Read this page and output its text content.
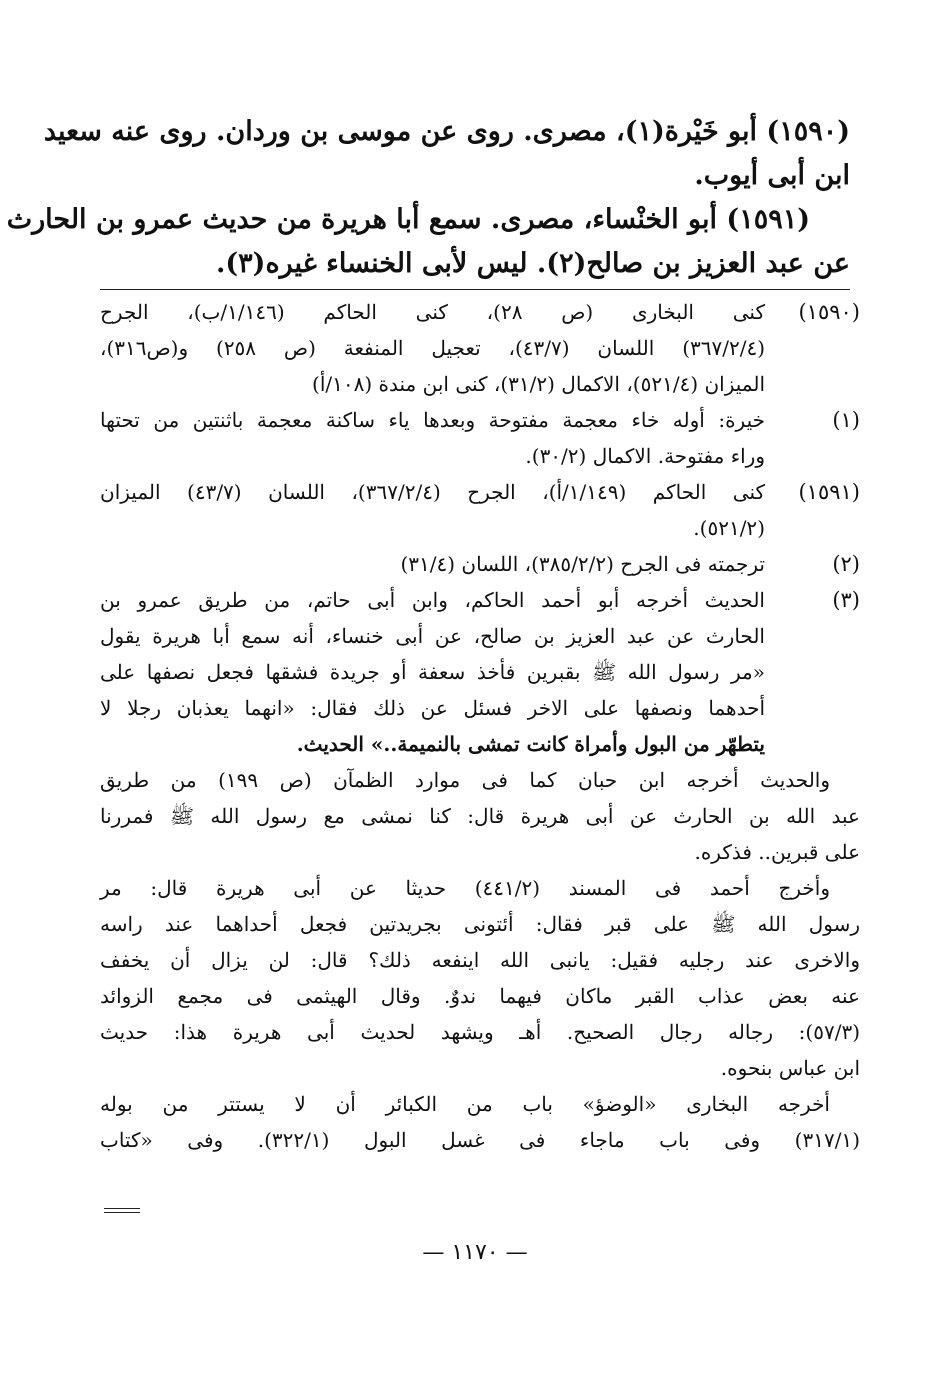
(١٥٩٠) أبو خَيْرة(١)، مصرى. روى عن موسى بن وردان. روى عنه سعيد
ابن أبى أيوب.
(١٥٩١) أبو الخنْساء، مصرى. سمع أبا هريرة من حديث عمرو بن الحارث
عن عبد العزيز بن صالح(٢). ليس لأبى الخنساء غيره(٣).
(١٥٩٠)
كنى البخارى (ص ٢٨)، كنى الحاكم (١/١٤٦/ب)، الجرح
(٣٦٧/٢/٤) اللسان (٤٣/٧)، تعجيل المنفعة (ص ٢٥٨) و(ص٣١٦)،
الميزان (٥٢١/٤)، الاكمال (٣١/٢)، كنى ابن مندة (١٠٨/أ)
(١)
خيرة: أوله خاء معجمة مفتوحة وبعدها ياء ساكنة معجمة باثنتين من تحتها
وراء مفتوحة. الاكمال (٣٠/٢).
(١٥٩١)
كنى الحاكم (١/١٤٩/أ)، الجرح (٣٦٧/٢/٤)، اللسان (٤٣/٧) الميزان
(٥٢١/٢).
(٢)
ترجمته فى الجرح (٣٨٥/٢/٢)، اللسان (٣١/٤)
(٣)
الحديث أخرجه أبو أحمد الحاكم، وابن أبى حاتم، من طريق عمرو بن
الحارث عن عبد العزيز بن صالح، عن أبى خنساء، أنه سمع أبا هريرة يقول
«مر رسول الله ﷺ بقبرين فأخذ سعفة أو جريدة فشقها فجعل نصفها على
أحدهما ونصفها على الاخر فسئل عن ذلك فقال: «انهما يعذبان رجلا لا
يتطهّر من البول وأمراة كانت تمشى بالنميمة..» الحديث.
والحديث أخرجه ابن حبان كما فى موارد الظمآن (ص ١٩٩) من طريق
عبد الله بن الحارث عن أبى هريرة قال: كنا نمشى مع رسول الله ﷺ فمررنا
على قبرين.. فذكره.
وأخرج أحمد فى المسند (٤٤١/٢) حديثا عن أبى هريرة قال: مر
رسول الله ﷺ على قبر فقال: أئتونى بجريدتين فجعل أحداهما عند راسه
والاخرى عند رجليه فقيل: يانبى الله اينفعه ذلك؟ قال: لن يزال أن يخفف
عنه بعض عذاب القبر ماكان فيهما ندوٌ. وقال الهيثمى فى مجمع الزوائد
(٥٧/٣): رجاله رجال الصحيح. أهـ ويشهد لحديث أبى هريرة هذا: حديث
ابن عباس بنحوه.
أخرجه البخارى «الوضؤ» باب من الكبائر أن لا يستتر من بوله
(٣١٧/١) وفى باب ماجاء فى غسل البول (٣٢٢/١). وفى «كتاب
— ١١٧٠ —
